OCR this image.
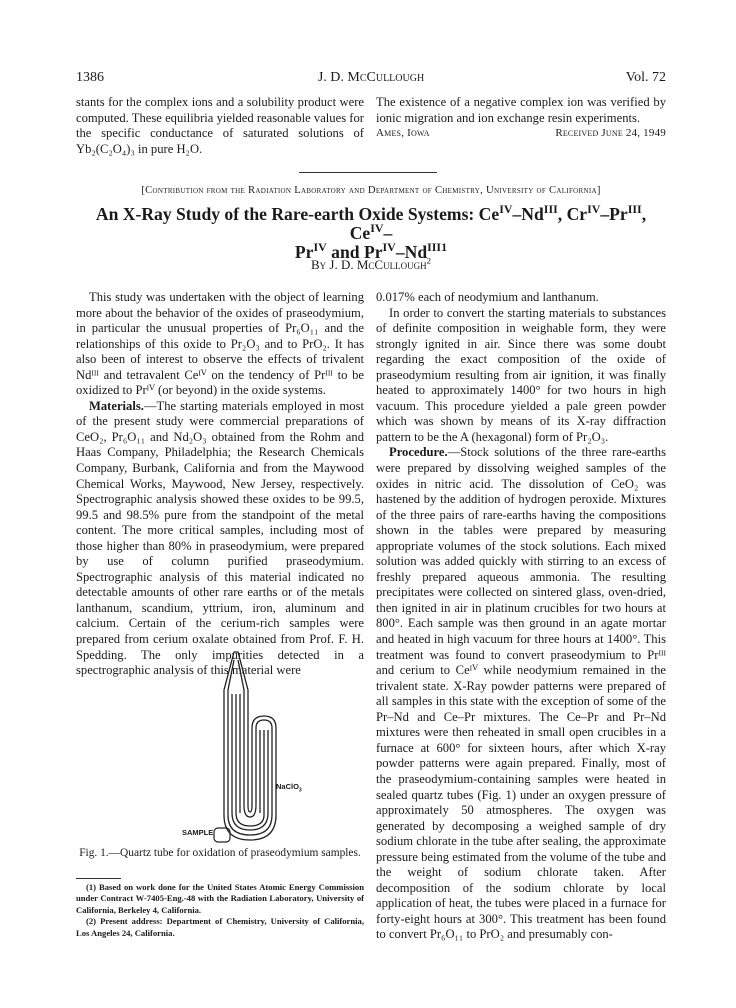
1386	J. D. McCullough	Vol. 72

stants for the complex ions and a solubility product were computed. These equilibria yielded reasonable values for the specific conductance of saturated solutions of Yb₂(C₂O₄)₃ in pure H₂O.

The existence of a negative complex ion was verified by ionic migration and ion exchange resin experiments.

Ames, Iowa	Received June 24, 1949
[Contribution from the Radiation Laboratory and Department of Chemistry, University of California]
An X-Ray Study of the Rare-earth Oxide Systems: $Ce^{IV}-Nd^{III}$, $Cr^{IV}-Pr^{III}$, $Ce^{IV}-$
$Pr^{IV}$ and $Pr^{IV}-Nd^{III1}$
By J. D. McCullough$^2$

This study was undertaken with the object of learning more about the behavior of the oxides of praseodymium, in particular the unusual properties of Pr₆O₁₁ and the relationships of this oxide to Pr₂O₃ and to PrO₂. It has also been of interest to observe the effects of trivalent Ndᴵᴵᴵ and tetravalent Ceᴵⱽ on the tendency of Prᴵᴵᴵ to be oxidized to Prᴵⱽ (or beyond) in the oxide systems.

Materials.—The starting materials employed in most of the present study were commercial preparations of CeO₂, Pr₆O₁₁ and Nd₂O₃ obtained from the Rohm and Haas Company, Philadelphia; the Research Chemicals Company, Burbank, California and from the Maywood Chemical Works, Maywood, New Jersey, respectively. Spectrographic analysis showed these oxides to be 99.5, 99.5 and 98.5% pure from the standpoint of the metal content. The more critical samples, including most of those higher than 80% in praseodymium, were prepared by use of column purified praseodymium. Spectrographic analysis of this material indicated no detectable amounts of other rare earths or of the metals lanthanum, scandium, yttrium, iron, aluminum and calcium. Certain of the cerium-rich samples were prepared from cerium oxalate obtained from Prof. F. H. Spedding. The only impurities detected in a spectrographic analysis of this material were

NaClO$_3$
SAMPLE
Fig. 1.—Quartz tube for oxidation of praseodymium samples.

(1) Based on work done for the United States Atomic Energy Commission under Contract W-7405-Eng.-48 with the Radiation Laboratory, University of California, Berkeley 4, California.

(2) Present address: Department of Chemistry, University of California, Los Angeles 24, California.

0.017% each of neodymium and lanthanum.

In order to convert the starting materials to substances of definite composition in weighable form, they were strongly ignited in air. Since there was some doubt regarding the exact composition of the oxide of praseodymium resulting from air ignition, it was finally heated to approximately 1400° for two hours in high vacuum. This procedure yielded a pale green powder which was shown by means of its X-ray diffraction pattern to be the A (hexagonal) form of Pr₂O₃.

Procedure.—Stock solutions of the three rare-earths were prepared by dissolving weighed samples of the oxides in nitric acid. The dissolution of CeO₂ was hastened by the addition of hydrogen peroxide. Mixtures of the three pairs of rare-earths having the compositions shown in the tables were prepared by measuring appropriate volumes of the stock solutions. Each mixed solution was added quickly with stirring to an excess of freshly prepared aqueous ammonia. The resulting precipitates were collected on sintered glass, oven-dried, then ignited in air in platinum crucibles for two hours at 800°. Each sample was then ground in an agate mortar and heated in high vacuum for three hours at 1400°. This treatment was found to convert praseodymium to Prᴵᴵᴵ and cerium to Ceᴵⱽ while neodymium remained in the trivalent state. X-Ray powder patterns were prepared of all samples in this state with the exception of some of the Pr–Nd and Ce–Pr mixtures. The Ce–Pr and Pr–Nd mixtures were then reheated in small open crucibles in a furnace at 600° for sixteen hours, after which X-ray powder patterns were again prepared. Finally, most of the praseodymium-containing samples were heated in sealed quartz tubes (Fig. 1) under an oxygen pressure of approximately 50 atmospheres. The oxygen was generated by decomposing a weighed sample of dry sodium chlorate in the tube after sealing, the approximate pressure being estimated from the volume of the tube and the weight of sodium chlorate taken. After decomposition of the sodium chlorate by local application of heat, the tubes were placed in a furnace for forty-eight hours at 300°. This treatment has been found to convert Pr₆O₁₁ to PrO₂ and presumably con-
